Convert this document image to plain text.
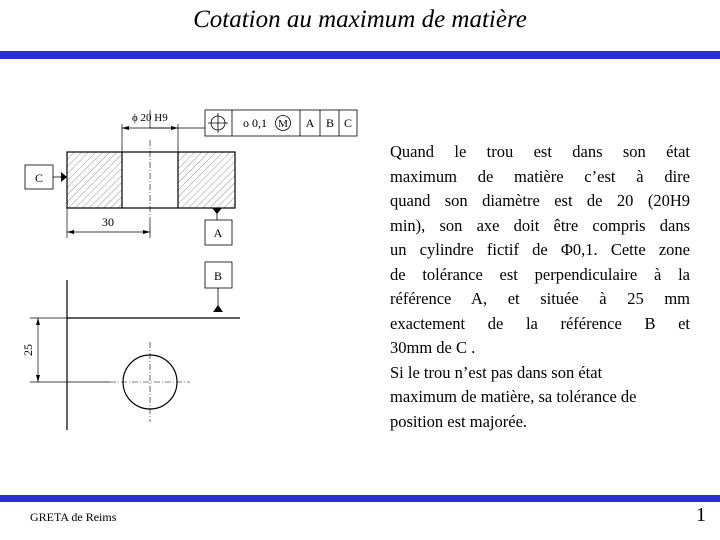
Cotation au maximum de matière
ϕ 20 H9	o 0,1 M A B C
C
30
A
B
25

Quand le trou est dans son état

maximum de matière c’est à dire

quand son diamètre est de 20 (20H9

min), son axe doit être compris dans

un cylindre fictif de Φ0,1. Cette zone

de tolérance est perpendiculaire à la

référence A, et située à 25 mm

exactement de la référence B et

30mm de C .

Si le trou n’est pas dans son état

maximum de matière, sa tolérance de

position est majorée.

GRETA de Reims	1
